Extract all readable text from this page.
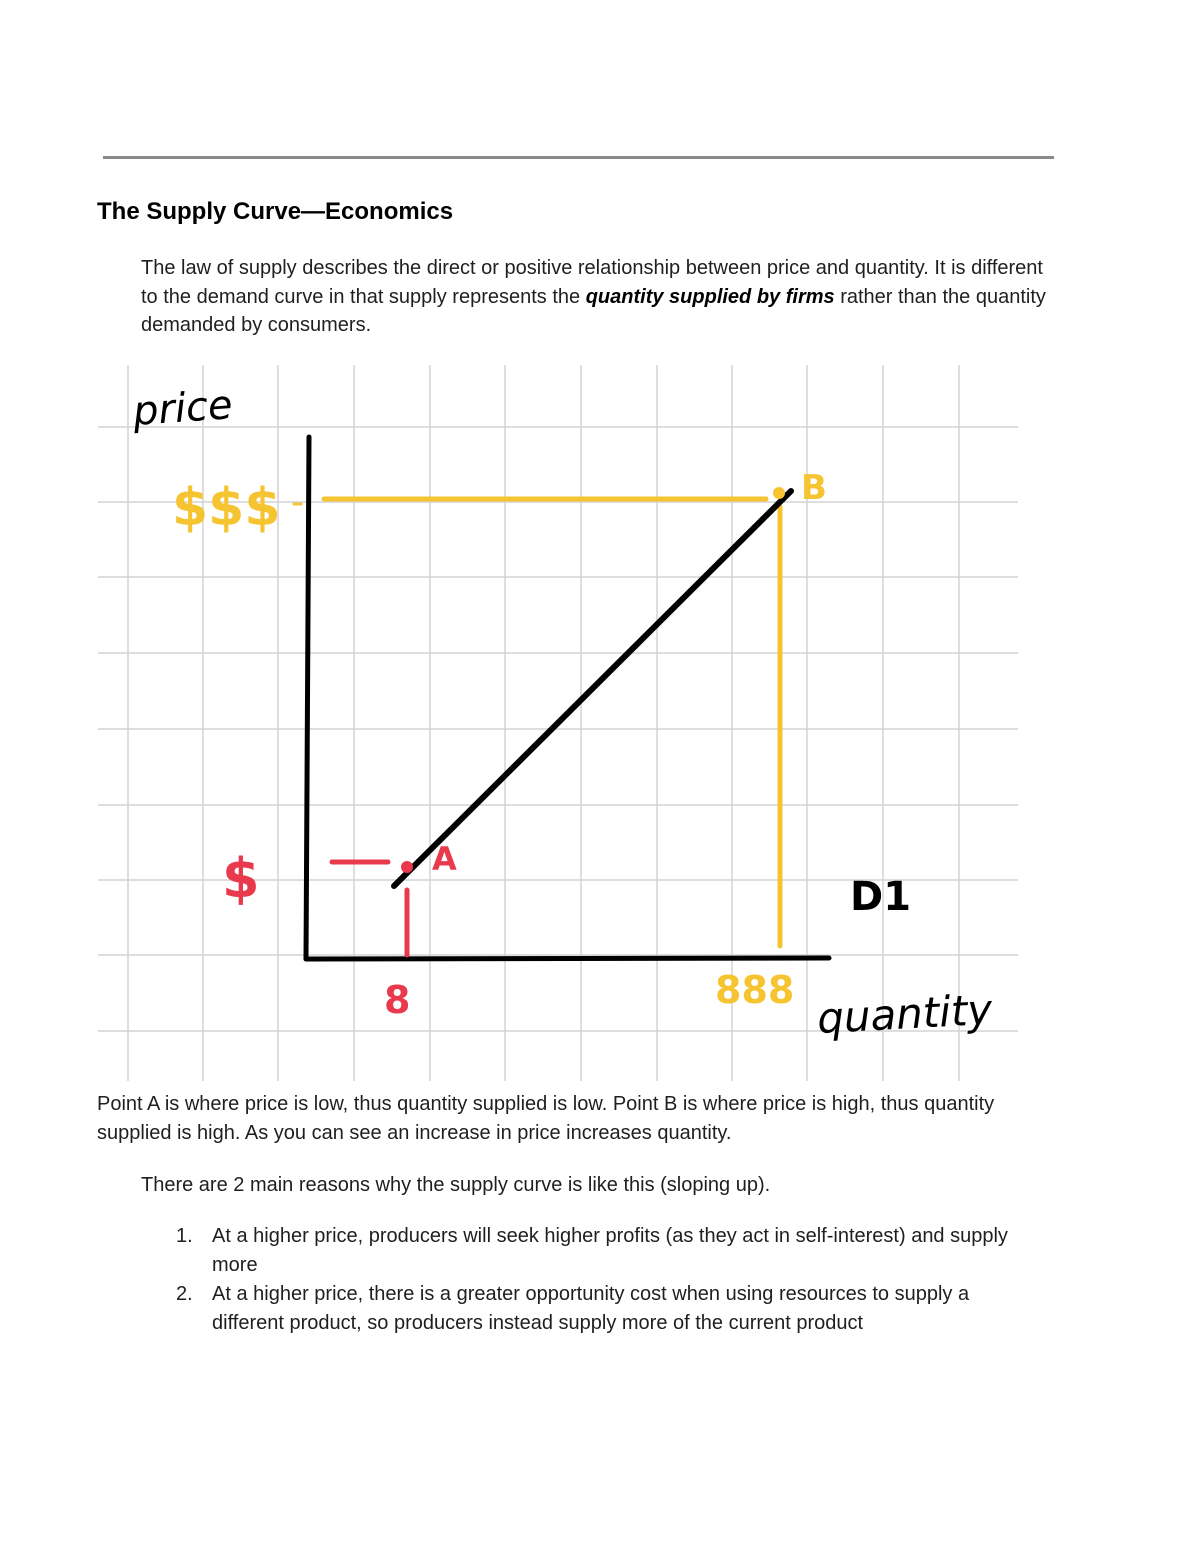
The Supply Curve—Economics

The law of supply describes the direct or positive relationship between price and quantity. It is different to the demand curve in that supply represents the quantity supplied by firms rather than the quantity demanded by consumers.

price
$$$
$	A
B
D1
8	888 quantity

Point A is where price is low, thus quantity supplied is low. Point B is where price is high, thus quantity supplied is high. As you can see an increase in price increases quantity.

There are 2 main reasons why the supply curve is like this (sloping up).

1. At a higher price, producers will seek higher profits (as they act in self-interest) and supply more
2. At a higher price, there is a greater opportunity cost when using resources to supply a different product, so producers instead supply more of the current product
